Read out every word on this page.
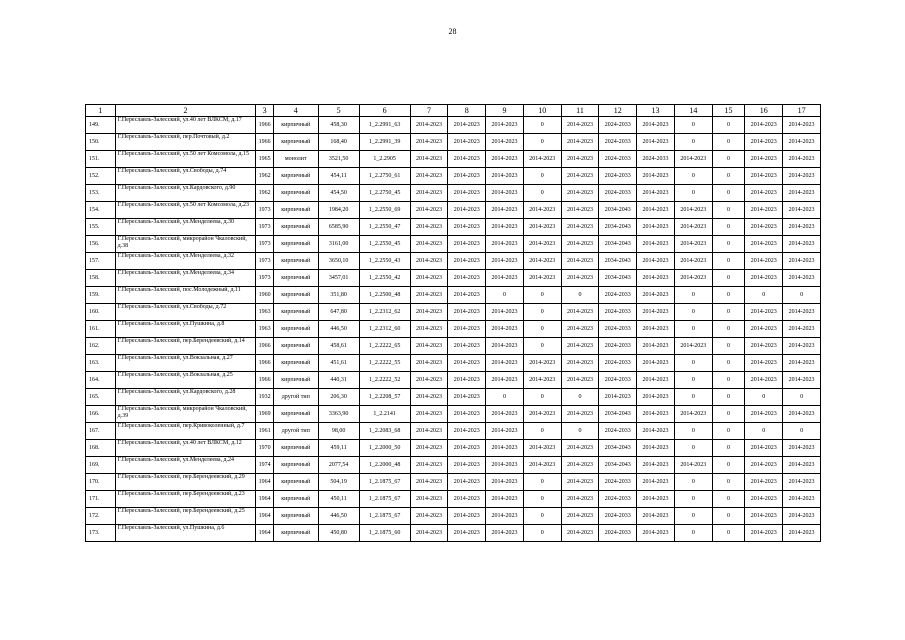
28
1	2	3	4	5	6	7	8	9	10	11	12	13	14	15	16	17
149.	Г.Переславль-Залесский, ул.40 лет ВЛКСМ, д.17	1966	кирпичный	458,30	1_2.2991_63	2014-2023	2014-2023	2014-2023	0	2014-2023	2024-2033	2014-2023	0	0	2014-2023	2014-2023
150.	Г.Переславль-Залесский, пер.Почтовый, д.2	1966	кирпичный	168,40	1_2.2991_39	2014-2023	2014-2023	2014-2023	0	2014-2023	2024-2033	2014-2023	0	0	2014-2023	2014-2023
151.	Г.Переславль-Залесский, ул.50 лет Комсомола, д.15	1965	монолит	3521,50	1_2.2905	2014-2023	2014-2023	2014-2023	2014-2023	2014-2023	2024-2033	2024-2033	2014-2023	0	2014-2023	2014-2023
152.	Г.Переславль-Залесский, ул.Свободы, д.74	1962	кирпичный	454,11	1_2.2750_61	2014-2023	2014-2023	2014-2023	0	2014-2023	2024-2033	2014-2023	0	0	2014-2023	2014-2023
153.	Г.Переславль-Залесский, ул.Кардовского, д.90	1962	кирпичный	454,50	1_2.2750_45	2014-2023	2014-2023	2014-2023	0	2014-2023	2024-2033	2014-2023	0	0	2014-2023	2014-2023
154.	Г.Переславль-Залесский, ул.50 лет Комсомола, д.23	1973	кирпичный	1984,20	1_2.2550_69	2014-2023	2014-2023	2014-2023	2014-2023	2014-2023	2034-2043	2014-2023	2014-2023	0	2014-2023	2014-2023
155.	Г.Переславль-Залесский, ул.Менделеева, д.30	1973	кирпичный	6585,90	1_2.2550_47	2014-2023	2014-2023	2014-2023	2014-2023	2014-2023	2034-2043	2014-2023	2014-2023	0	2014-2023	2014-2023
156.	Г.Переславль-Залесский, микрорайон Чкаловский, д.38	1973	кирпичный	3161,00	1_2.2550_45	2014-2023	2014-2023	2014-2023	2014-2023	2014-2023	2034-2043	2014-2023	2014-2023	0	2014-2023	2014-2023
157.	Г.Переславль-Залесский, ул.Менделеева, д.32	1973	кирпичный	3650,10	1_2.2550_43	2014-2023	2014-2023	2014-2023	2014-2023	2014-2023	2034-2043	2014-2023	2014-2023	0	2014-2023	2014-2023
158.	Г.Переславль-Залесский, ул.Менделеева, д.34	1973	кирпичный	3457,01	1_2.2550_42	2014-2023	2014-2023	2014-2023	2014-2023	2014-2023	2034-2043	2014-2023	2014-2023	0	2014-2023	2014-2023
159.	Г.Переславль-Залесский, пос.Молодежный, д.11	1960	кирпичный	351,80	1_2.2500_48	2014-2023	2014-2023	0	0	0	2024-2033	2014-2023	0	0	0	0
160.	Г.Переславль-Залесский, ул.Свободы, д.72	1963	кирпичный	647,80	1_2.2312_62	2014-2023	2014-2023	2014-2023	0	2014-2023	2024-2033	2014-2023	0	0	2014-2023	2014-2023
161.	Г.Переславль-Залесский, ул.Пушкина, д.8	1963	кирпичный	446,50	1_2.2312_60	2014-2023	2014-2023	2014-2023	0	2014-2023	2024-2033	2014-2023	0	0	2014-2023	2014-2023
162.	Г.Переславль-Залесский, пер.Берендеевский, д.14	1966	кирпичный	458,61	1_2.2222_65	2014-2023	2014-2023	2014-2023	0	2014-2023	2024-2033	2014-2023	2014-2023	0	2014-2023	2014-2023
163.	Г.Переславль-Залесский, ул.Вокзальная, д.27	1966	кирпичный	451,61	1_2.2222_55	2014-2023	2014-2023	2014-2023	2014-2023	2014-2023	2024-2033	2014-2023	0	0	2014-2023	2014-2023
164.	Г.Переславль-Залесский, ул.Вокзальная, д.25	1966	кирпичный	440,31	1_2.2222_52	2014-2023	2014-2023	2014-2023	2014-2023	2014-2023	2024-2033	2014-2023	0	0	2014-2023	2014-2023
165.	Г.Переславль-Залесский, ул.Кардовского, д.28	1932	другой тип	206,30	1_2.2208_57	2014-2023	2014-2023	0	0	0	2014-2023	2014-2023	0	0	0	0
166.	Г.Переславль-Залесский, микрорайон Чкаловский, д.39	1969	кирпичный	3363,90	1_2.2141	2014-2023	2014-2023	2014-2023	2014-2023	2014-2023	2034-2043	2014-2023	2014-2023	0	2014-2023	2014-2023
167.	Г.Переславль-Залесский, пер.Кривоколенный, д.7	1961	другой тип	98,00	1_2.2083_68	2014-2023	2014-2023	2014-2023	0	0	2024-2033	2014-2023	0	0	0	0
168.	Г.Переславль-Залесский, ул.40 лет ВЛКСМ, д.12	1970	кирпичный	459,11	1_2.2000_50	2014-2023	2014-2023	2014-2023	2014-2023	2014-2023	2034-2043	2014-2023	0	0	2014-2023	2014-2023
169.	Г.Переславль-Залесский, ул.Менделеева, д.24	1974	кирпичный	2077,54	1_2.2000_48	2014-2023	2014-2023	2014-2023	2014-2023	2014-2023	2034-2043	2014-2023	2014-2023	0	2014-2023	2014-2023
170.	Г.Переславль-Залесский, пер.Берендеевский, д.29	1964	кирпичный	504,19	1_2.1875_67	2014-2023	2014-2023	2014-2023	0	2014-2023	2024-2033	2014-2023	0	0	2014-2023	2014-2023
171.	Г.Переславль-Залесский, пер.Берендеевский, д.23	1964	кирпичный	450,11	1_2.1875_67	2014-2023	2014-2023	2014-2023	0	2014-2023	2024-2033	2014-2023	0	0	2014-2023	2014-2023
172.	Г.Переславль-Залесский, пер.Берендеевский, д.25	1964	кирпичный	446,50	1_2.1875_67	2014-2023	2014-2023	2014-2023	0	2014-2023	2024-2033	2014-2023	0	0	2014-2023	2014-2023
173.	Г.Переславль-Залесский, ул.Пушкина, д.6	1964	кирпичный	450,80	1_2.1875_60	2014-2023	2014-2023	2014-2023	0	2014-2023	2024-2033	2014-2023	0	0	2014-2023	2014-2023
